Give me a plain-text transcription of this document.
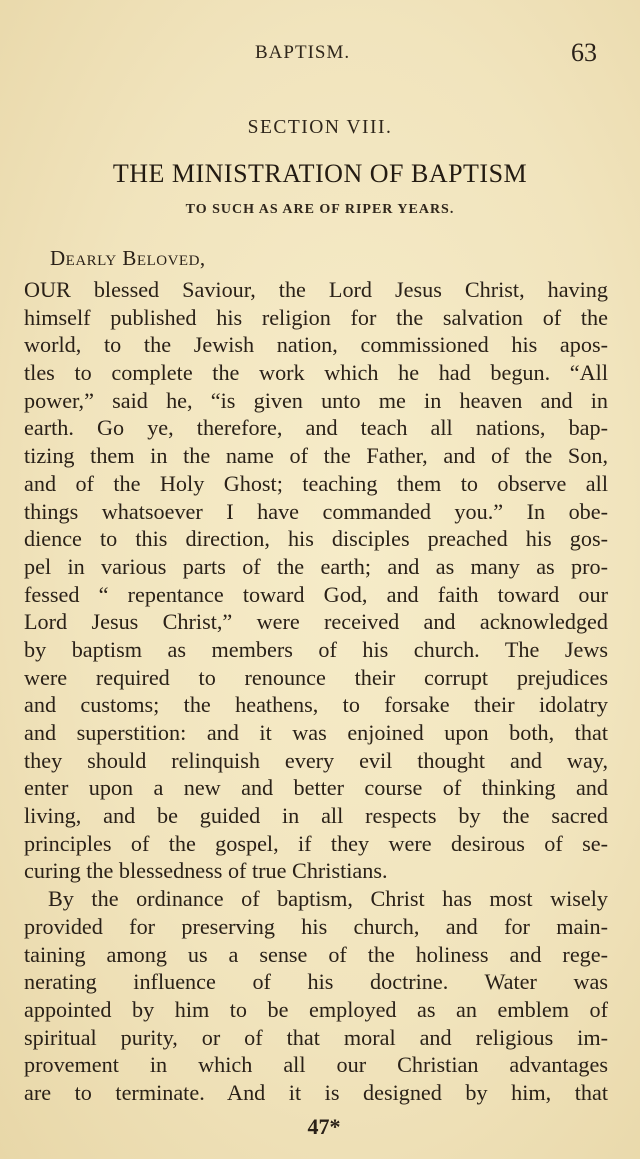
BAPTISM.	63
SECTION VIII.
THE MINISTRATION OF BAPTISM
TO SUCH AS ARE OF RIPER YEARS.
Dearly Beloved,
OUR blessed Saviour, the Lord Jesus Christ, having
himself published his religion for the salvation of the
world, to the Jewish nation, commissioned his apos-
tles to complete the work which he had begun. “All
power,” said he, “is given unto me in heaven and in
earth. Go ye, therefore, and teach all nations, bap-
tizing them in the name of the Father, and of the Son,
and of the Holy Ghost; teaching them to observe all
things whatsoever I have commanded you.” In obe-
dience to this direction, his disciples preached his gos-
pel in various parts of the earth; and as many as pro-
fessed “ repentance toward God, and faith toward our
Lord Jesus Christ,” were received and acknowledged
by baptism as members of his church. The Jews
were required to renounce their corrupt prejudices
and customs; the heathens, to forsake their idolatry
and superstition: and it was enjoined upon both, that
they should relinquish every evil thought and way,
enter upon a new and better course of thinking and
living, and be guided in all respects by the sacred
principles of the gospel, if they were desirous of se-
curing the blessedness of true Christians.
By the ordinance of baptism, Christ has most wisely
provided for preserving his church, and for main-
taining among us a sense of the holiness and rege-
nerating influence of his doctrine. Water was
appointed by him to be employed as an emblem of
spiritual purity, or of that moral and religious im-
provement in which all our Christian advantages
are to terminate. And it is designed by him, that
47*
